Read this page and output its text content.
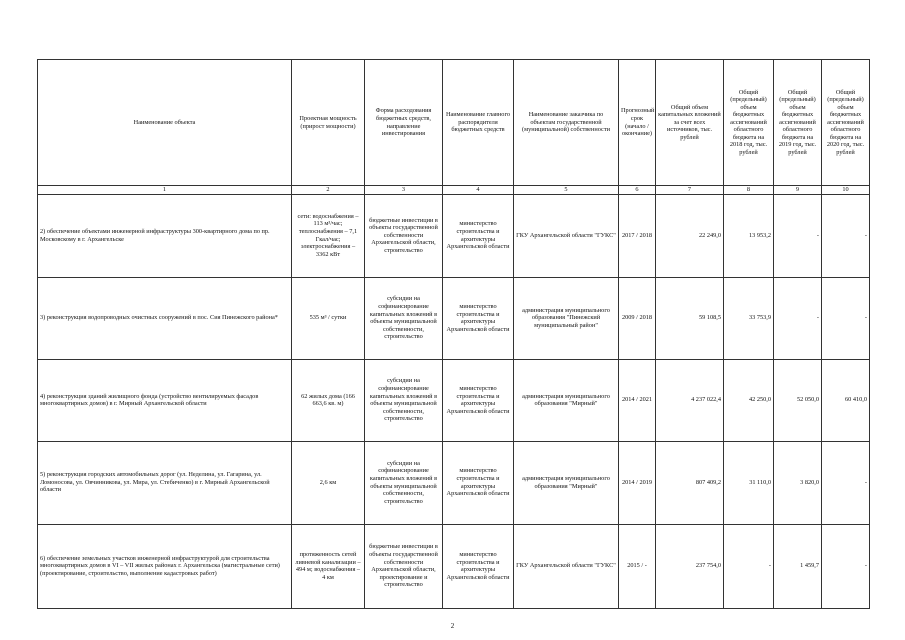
Наименование объекта	Проектная мощность (прирост мощности)	Форма расходования бюджетных средств, направление инвестирования	Наименование главного распорядителя бюджетных средств	Наименование заказчика по объектам государственной (муниципальной) собственности	Прогнозный срок (начало / окончание)	Общий объем капитальных вложений за счет всех источников, тыс. рублей	Общий (предельный) объем бюджетных ассигнований областного бюджета на 2018 год, тыс. рублей	Общий (предельный) объем бюджетных ассигнований областного бюджета на 2019 год, тыс. рублей	Общий (предельный) объем бюджетных ассигнований областного бюджета на 2020 год, тыс. рублей
1	2	3	4	5	6	7	8	9	10
2) обеспечение объектами инженерной инфраструктуры 300-квартирного дома по пр. Московскому в г. Архангельске	сети: водоснабжения – 113 м³/час; теплоснабжения – 7,1 Гкал/час; электроснабжения – 3362 кВт	бюджетные инвестиции в объекты государственной собственности Архангельской области, строительство	министерство строительства и архитектуры Архангельской области	ГКУ Архангельской области "ГУКС"	2017 / 2018	22 249,0	13 953,2	-	-
3) реконструкция водопроводных очистных сооружений в пос. Сия Пинежского района*	535 м³ / сутки	субсидии на софинансирование капитальных вложений в объекты муниципальной собственности, строительство	министерство строительства и архитектуры Архангельской области	администрация муниципального образования "Пинежский муниципальный район"	2009 / 2018	59 108,5	33 753,9	-	-
4) реконструкция зданий жилищного фонда (устройство вентилируемых фасадов многоквартирных домов) в г. Мирный Архангельской области	62 жилых дома (166 663,6 кв. м)	субсидии на софинансирование капитальных вложений в объекты муниципальной собственности, строительство	министерство строительства и архитектуры Архангельской области	администрация муниципального образования "Мирный"	2014 / 2021	4 237 022,4	42 250,0	52 050,0	60 410,0
5) реконструкция городских автомобильных дорог (ул. Неделина, ул. Гагарина, ул. Ломоносова, ул. Овчинникова, ул. Мира, ул. Стебиченко) в г. Мирный Архангельской области	2,6 км	субсидии на софинансирование капитальных вложений в объекты муниципальной собственности, строительство	министерство строительства и архитектуры Архангельской области	администрация муниципального образования "Мирный"	2014 / 2019	807 409,2	31 110,0	3 820,0	-
6) обеспечение земельных участков инженерной инфраструктурой для строительства многоквартирных домов в VI – VII жилых районах г. Архангельска (магистральные сети) (проектирование, строительство, выполнение кадастровых работ)	протяженность сетей ливневой канализации – 494 м; водоснабжения – 4 км	бюджетные инвестиции в объекты государственной собственности Архангельской области, проектирование и строительство	министерство строительства и архитектуры Архангельской области	ГКУ Архангельской области "ГУКС"	2015 / -	237 754,0	-	1 459,7	-
2
